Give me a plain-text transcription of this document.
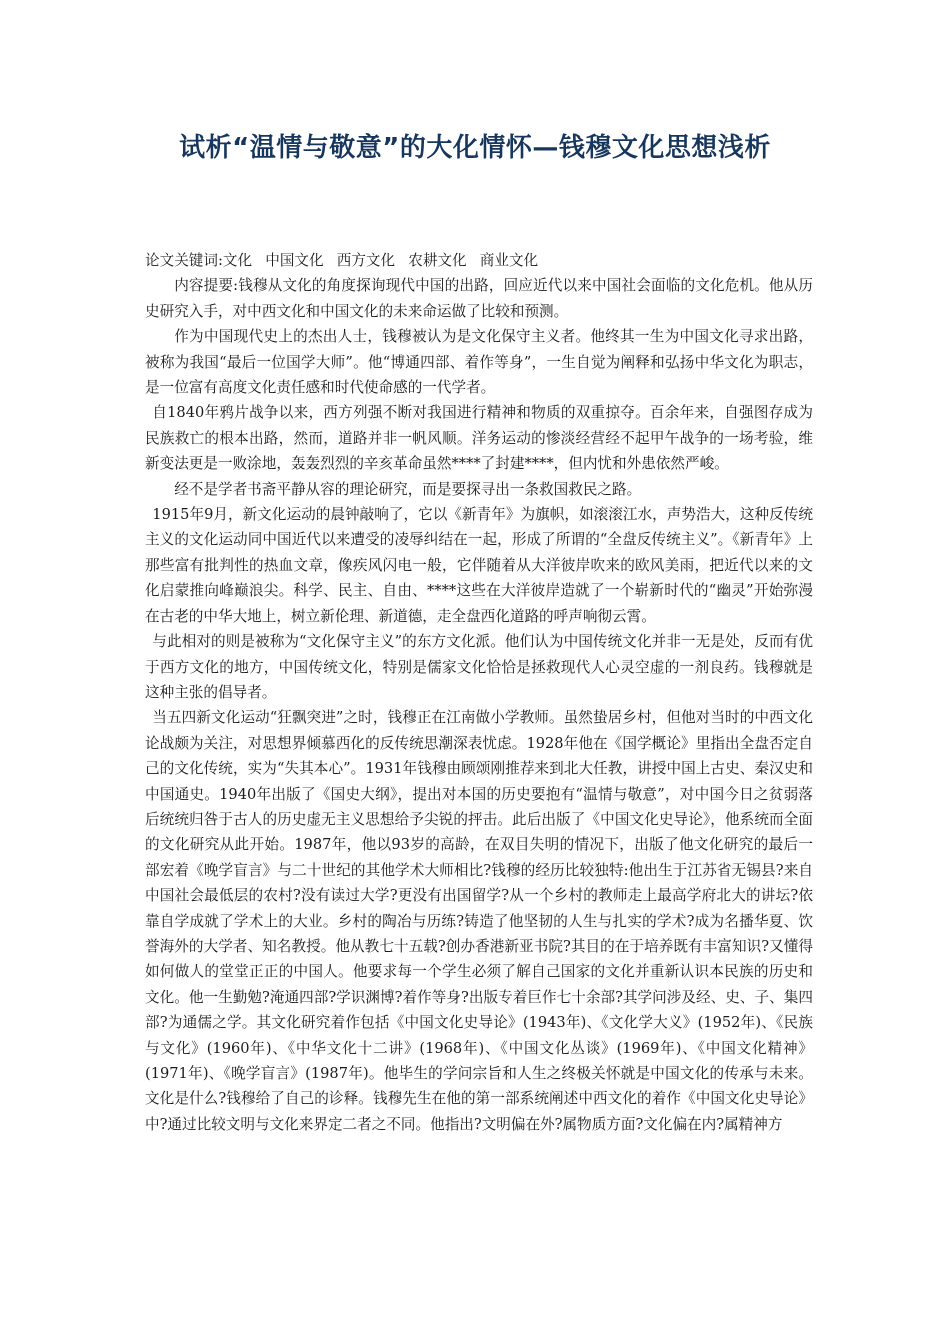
试析“温情与敬意”的大化情怀—钱穆文化思想浅析

论文关键词:文化 中国文化 西方文化 农耕文化 商业文化

内容提要:钱穆从文化的角度探询现代中国的出路，回应近代以来中国社会面临的文化危机。他从历史研究入手，对中西文化和中国文化的未来命运做了比较和预测。

作为中国现代史上的杰出人士，钱穆被认为是文化保守主义者。他终其一生为中国文化寻求出路，被称为我国“最后一位国学大师”。他“博通四部、着作等身”，一生自觉为阐释和弘扬中华文化为职志，是一位富有高度文化责任感和时代使命感的一代学者。

自1840年鸦片战争以来，西方列强不断对我国进行精神和物质的双重掠夺。百余年来，自强图存成为民族救亡的根本出路，然而，道路并非一帆风顺。洋务运动的惨淡经营经不起甲午战争的一场考验，维新变法更是一败涂地，轰轰烈烈的辛亥革命虽然****了封建****，但内忧和外患依然严峻。

经不是学者书斋平静从容的理论研究，而是要探寻出一条救国救民之路。

1915年9月，新文化运动的晨钟敲响了，它以《新青年》为旗帜，如滚滚江水，声势浩大，这种反传统主义的文化运动同中国近代以来遭受的凌辱纠结在一起，形成了所谓的“全盘反传统主义”。《新青年》上那些富有批判性的热血文章，像疾风闪电一般，它伴随着从大洋彼岸吹来的欧风美雨，把近代以来的文化启蒙推向峰巅浪尖。科学、民主、自由、****这些在大洋彼岸造就了一个崭新时代的“幽灵”开始弥漫在古老的中华大地上，树立新伦理、新道德，走全盘西化道路的呼声响彻云霄。

与此相对的则是被称为“文化保守主义”的东方文化派。他们认为中国传统文化并非一无是处，反而有优于西方文化的地方，中国传统文化，特别是儒家文化恰恰是拯救现代人心灵空虚的一剂良药。钱穆就是这种主张的倡导者。

当五四新文化运动“狂飘突进”之时，钱穆正在江南做小学教师。虽然蛰居乡村，但他对当时的中西文化论战颇为关注，对思想界倾慕西化的反传统思潮深表忧虑。1928年他在《国学概论》里指出全盘否定自己的文化传统，实为“失其本心”。1931年钱穆由顾颂刚推荐来到北大任教，讲授中国上古史、秦汉史和中国通史。1940年出版了《国史大纲》，提出对本国的历史要抱有“温情与敬意”，对中国今日之贫弱落后统统归咎于古人的历史虚无主义思想给予尖锐的抨击。此后出版了《中国文化史导论》，他系统而全面的文化研究从此开始。1987年，他以93岁的高龄，在双目失明的情况下，出版了他文化研究的最后一部宏着《晚学盲言》与二十世纪的其他学术大师相比?钱穆的经历比较独特:他出生于江苏省无锡县?来自中国社会最低层的农村?没有读过大学?更没有出国留学?从一个乡村的教师走上最高学府北大的讲坛?依靠自学成就了学术上的大业。乡村的陶冶与历练?铸造了他坚韧的人生与扎实的学术?成为名播华夏、饮誉海外的大学者、知名教授。他从教七十五载?创办香港新亚书院?其目的在于培养既有丰富知识?又懂得如何做人的堂堂正正的中国人。他要求每一个学生必须了解自己国家的文化并重新认识本民族的历史和文化。他一生勤勉?淹通四部?学识渊博?着作等身?出版专着巨作七十余部?其学问涉及经、史、子、集四部?为通儒之学。其文化研究着作包括《中国文化史导论》(1943年)、《文化学大义》(1952年)、《民族与文化》(1960年)、《中华文化十二讲》(1968年)、《中国文化丛谈》(1969年)、《中国文化精神》(1971年)、《晚学盲言》(1987年)。他毕生的学问宗旨和人生之终极关怀就是中国文化的传承与未来。文化是什么?钱穆给了自己的诊释。钱穆先生在他的第一部系统阐述中西文化的着作《中国文化史导论》中?通过比较文明与文化来界定二者之不同。他指出?文明偏在外?属物质方面?文化偏在内?属精神方
